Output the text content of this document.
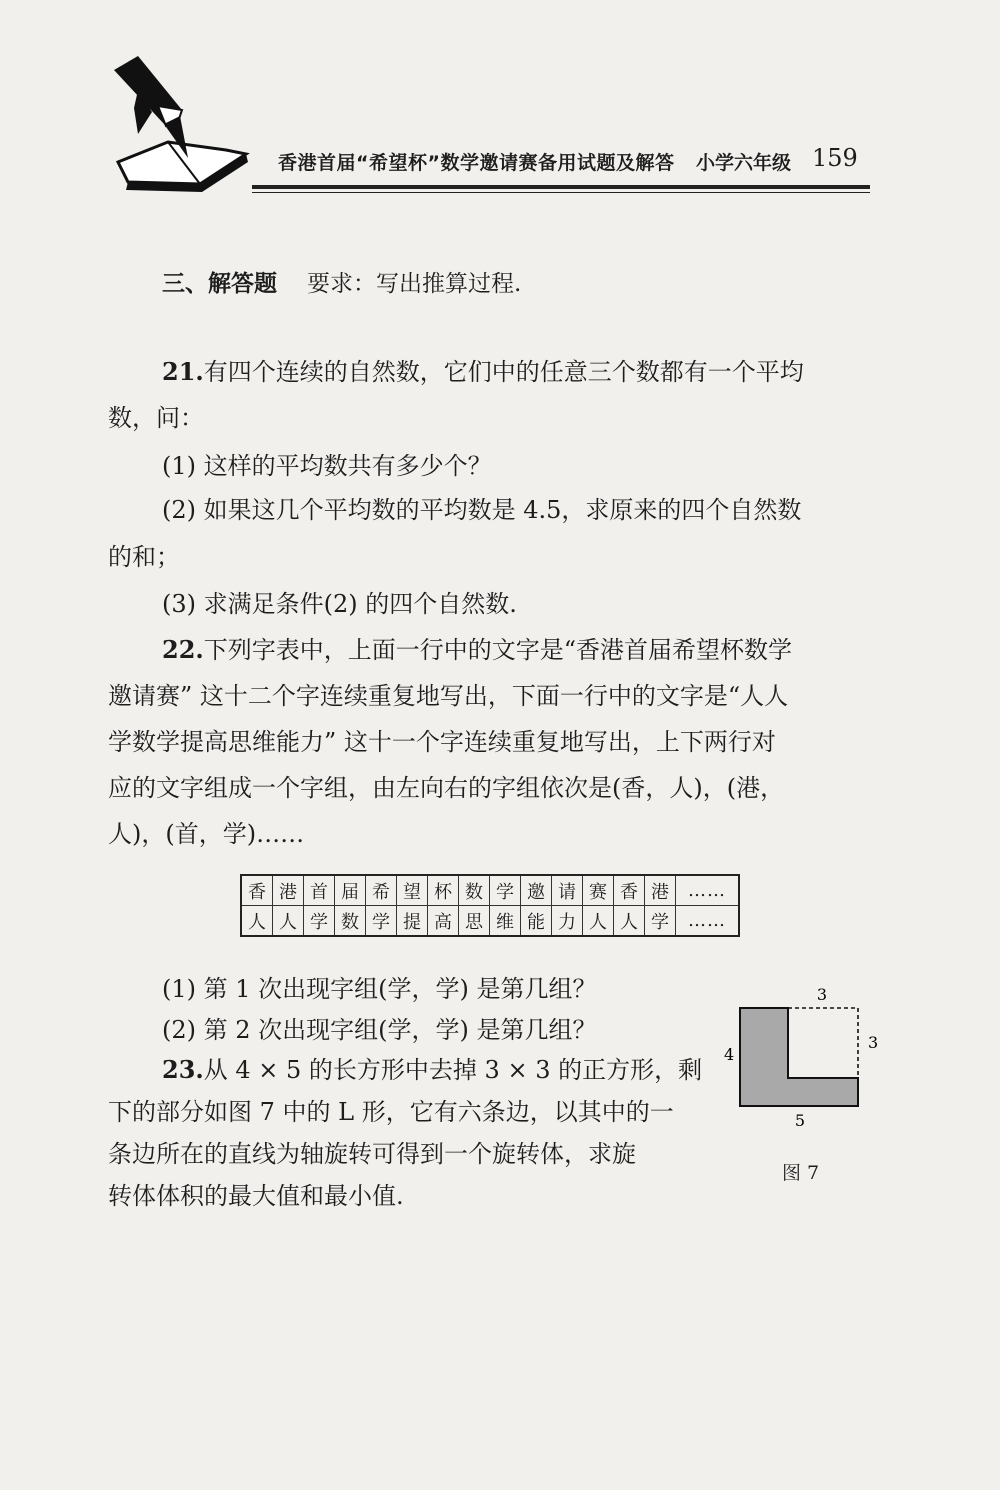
香港首届“希望杯”数学邀请赛备用试题及解答 小学六年级 159
三、解答题 要求：写出推算过程.
21.有四个连续的自然数，它们中的任意三个数都有一个平均
数，问：
(1) 这样的平均数共有多少个？
(2) 如果这几个平均数的平均数是 4.5，求原来的四个自然数
的和；
(3) 求满足条件(2) 的四个自然数.
22.下列字表中，上面一行中的文字是“香港首届希望杯数学
邀请赛” 这十二个字连续重复地写出，下面一行中的文字是“人人
学数学提高思维能力” 这十一个字连续重复地写出，上下两行对
应的文字组成一个字组，由左向右的字组依次是(香，人)，(港，
人)，(首，学)……
香	港	首	届	希	望	杯	数	学	邀	请	赛	香	港	……
人	人	学	数	学	提	高	思	维	能	力	人	人	学	……
(1) 第 1 次出现字组(学，学) 是第几组？
(2) 第 2 次出现字组(学，学) 是第几组？
23.从 4 × 5 的长方形中去掉 3 × 3 的正方形，剩
下的部分如图 7 中的 L 形，它有六条边，以其中的一
条边所在的直线为轴旋转可得到一个旋转体，求旋
转体体积的最大值和最小值.
3
3
4
5
图 7
